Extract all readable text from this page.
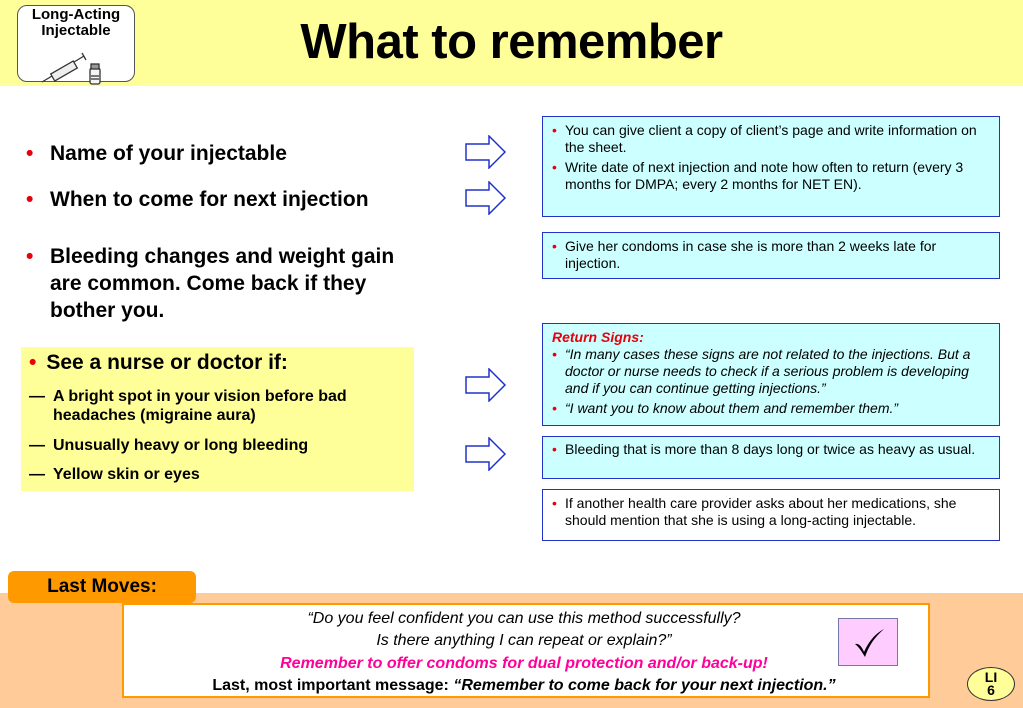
Long-Acting
Injectable	What to remember
• Name of your injectable
• When to come for next injection
• Bleeding changes and weight gain are common. Come back if they bother you.
• See a nurse or doctor if:
— A bright spot in your vision before bad headaches (migraine aura)
— Unusually heavy or long bleeding
— Yellow skin or eyes
• You can give client a copy of client’s page and write information on the sheet.
• Write date of next injection and note how often to return (every 3 months for DMPA; every 2 months for NET EN).
• Give her condoms in case she is more than 2 weeks late for injection.
Return Signs:
• “In many cases these signs are not related to the injections. But a doctor or nurse needs to check if a serious problem is developing and if you can continue getting injections.”
• “I want you to know about them and remember them.”
• Bleeding that is more than 8 days long or twice as heavy as usual.
• If another health care provider asks about her medications, she should mention that she is using a long-acting injectable.
Last Moves:
“Do you feel confident you can use this method successfully?
Is there anything I can repeat or explain?”
Remember to offer condoms for dual protection and/or back-up!
Last, most important message: “Remember to come back for your next injection.”	LI
6
